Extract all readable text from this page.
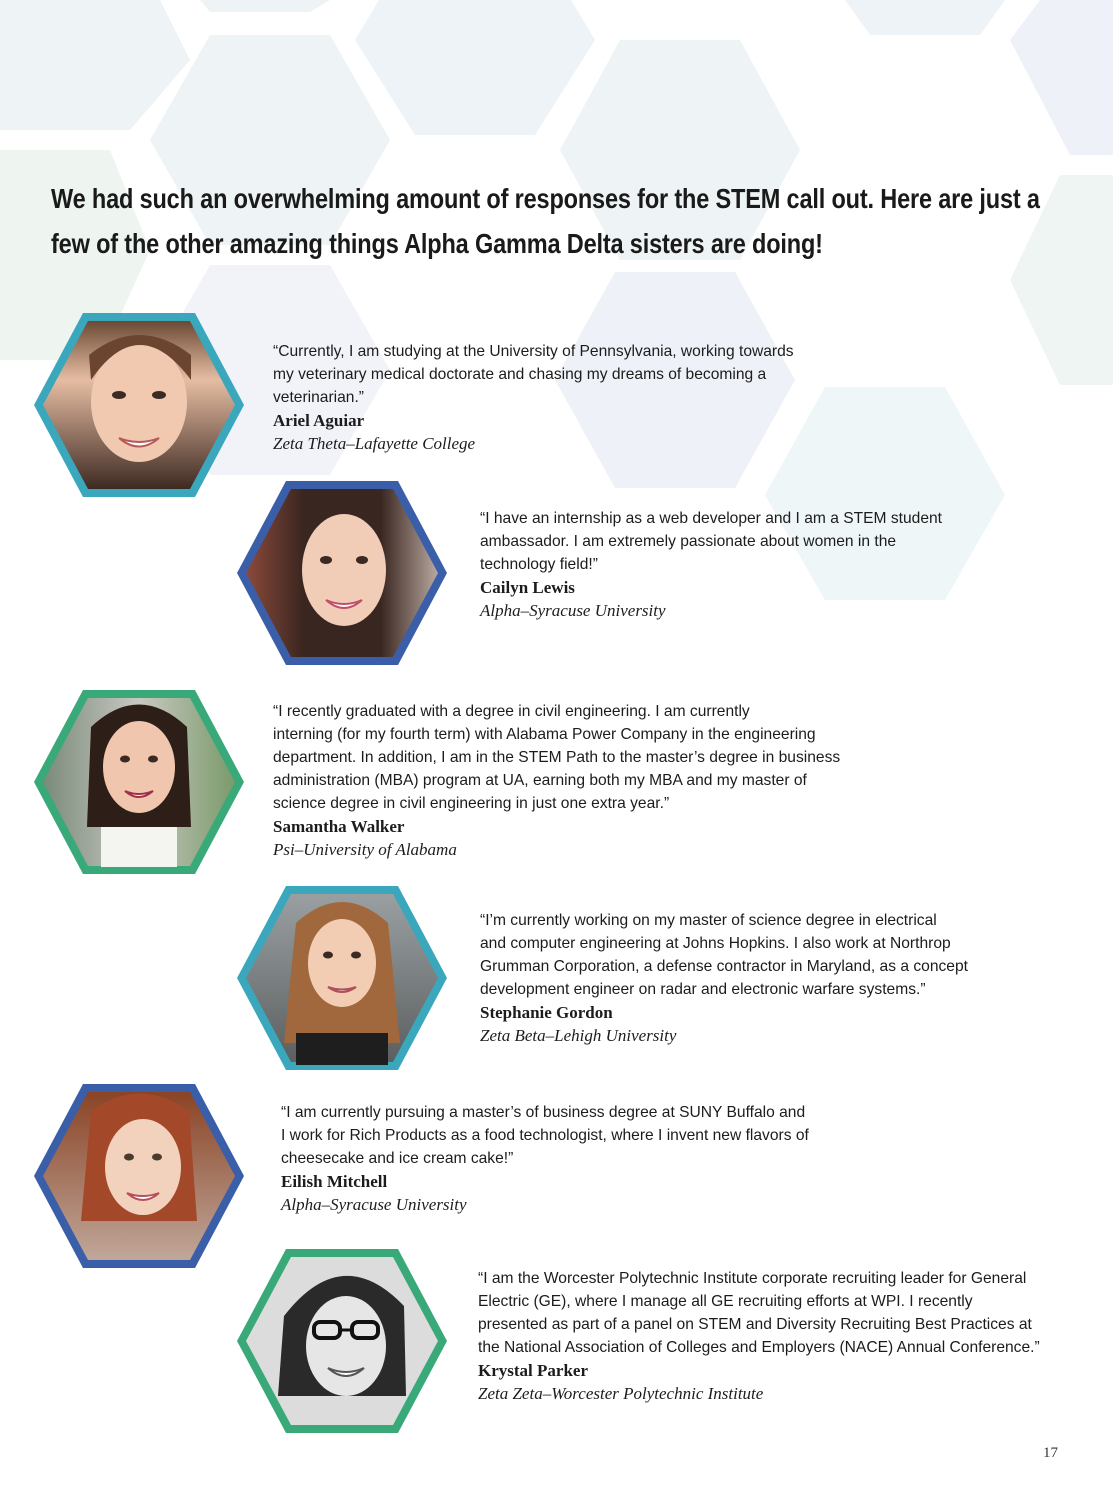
We had such an overwhelming amount of responses for the STEM call out. Here are just a few of the other amazing things Alpha Gamma Delta sisters are doing!

“Currently, I am studying at the University of Pennsylvania, working towards
my veterinary medical doctorate and chasing my dreams of becoming a
veterinarian.”

Ariel Aguiar

Zeta Theta–Lafayette College

“I have an internship as a web developer and I am a STEM student
ambassador. I am extremely passionate about women in the
technology field!”

Cailyn Lewis

Alpha–Syracuse University

“I recently graduated with a degree in civil engineering. I am currently
interning (for my fourth term) with Alabama Power Company in the engineering
department. In addition, I am in the STEM Path to the master’s degree in business
administration (MBA) program at UA, earning both my MBA and my master of
science degree in civil engineering in just one extra year.”

Samantha Walker

Psi–University of Alabama

“I’m currently working on my master of science degree in electrical
and computer engineering at Johns Hopkins. I also work at Northrop
Grumman Corporation, a defense contractor in Maryland, as a concept
development engineer on radar and electronic warfare systems.”

Stephanie Gordon

Zeta Beta–Lehigh University

“I am currently pursuing a master’s of business degree at SUNY Buffalo and
I work for Rich Products as a food technologist, where I invent new flavors of
cheesecake and ice cream cake!”

Eilish Mitchell

Alpha–Syracuse University

“I am the Worcester Polytechnic Institute corporate recruiting leader for General
Electric (GE), where I manage all GE recruiting efforts at WPI. I recently
presented as part of a panel on STEM and Diversity Recruiting Best Practices at
the National Association of Colleges and Employers (NACE) Annual Conference.”

Krystal Parker

Zeta Zeta–Worcester Polytechnic Institute

17
